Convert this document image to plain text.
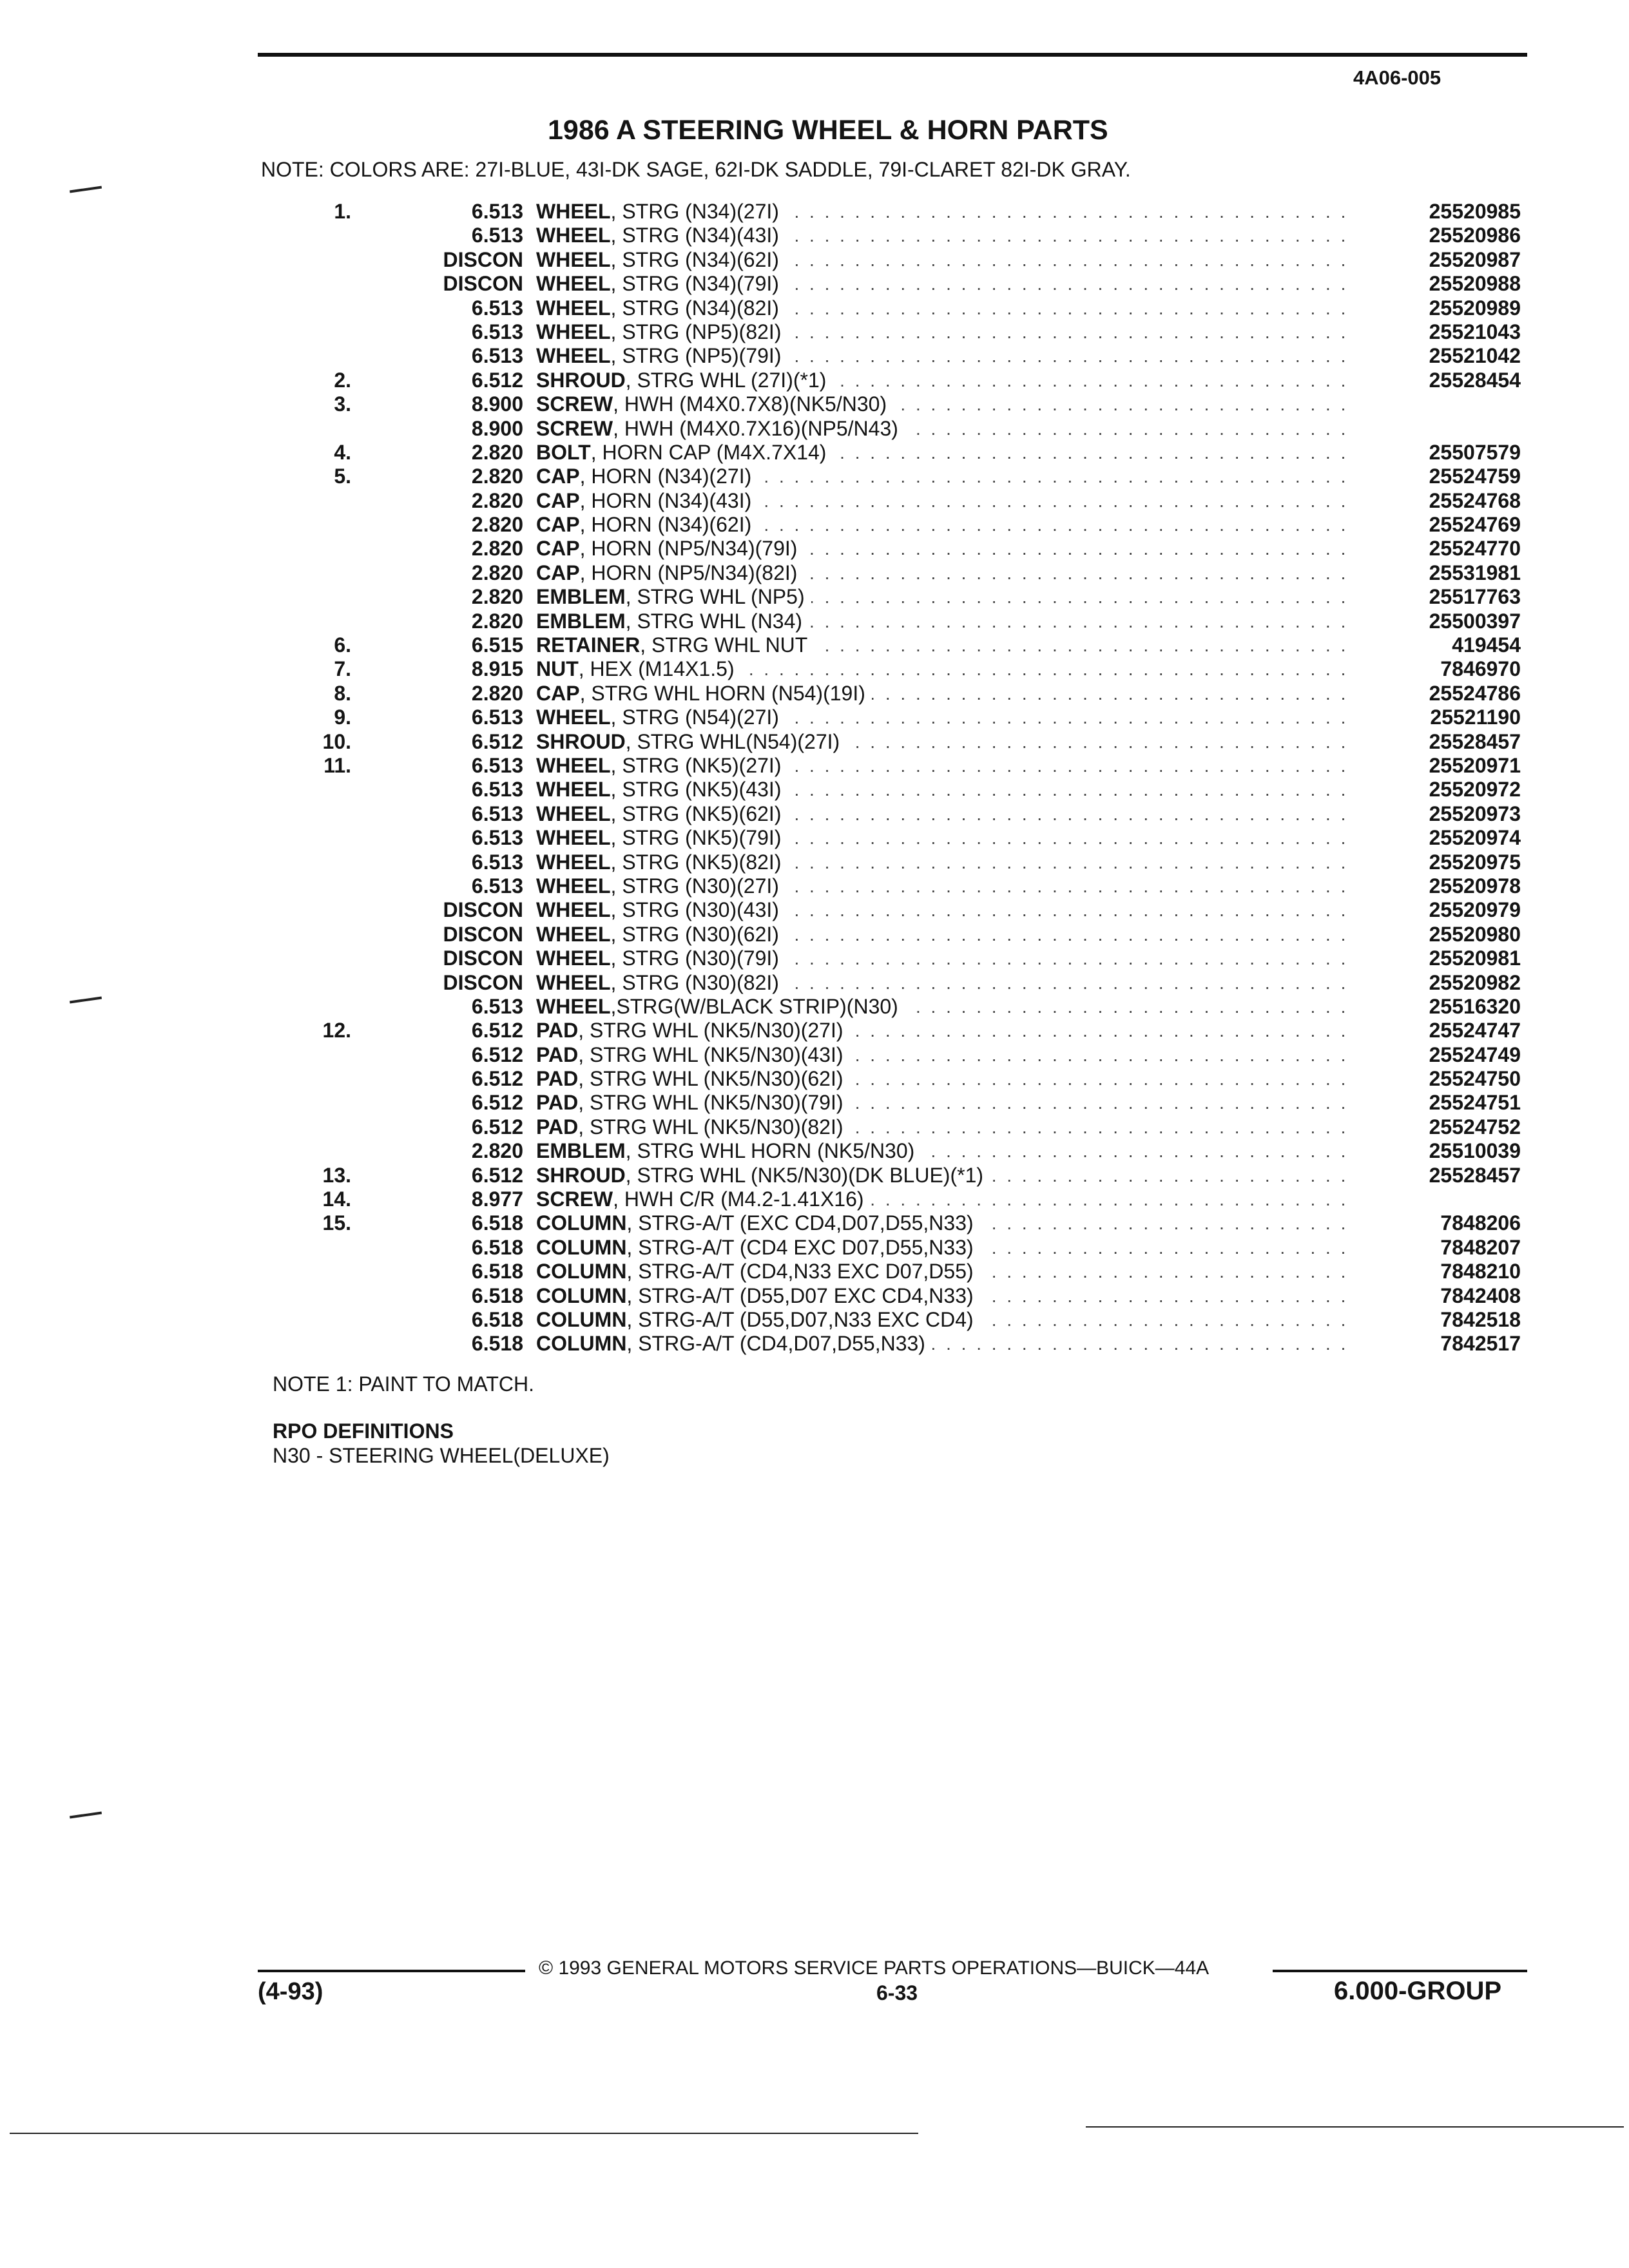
4A06-005
1986 A STEERING WHEEL & HORN PARTS
NOTE: COLORS ARE: 27I-BLUE, 43I-DK SAGE, 62I-DK SADDLE, 79I-CLARET 82I-DK GRAY.
1.	6.513 . . . WHEEL, STRG (N34)(27I)	25520985
6.513 . . . WHEEL, STRG (N34)(43I)	25520986
DISCON . . . WHEEL, STRG (N34)(62I)	25520987
DISCON . . . WHEEL, STRG (N34)(79I)	25520988
6.513 . . . WHEEL, STRG (N34)(82I)	25520989
6.513 . . . WHEEL, STRG (NP5)(82I)	25521043
6.513 . . . WHEEL, STRG (NP5)(79I)	25521042
2.	6.512 . . . SHROUD, STRG WHL (27I)(*1)	25528454
3.	8.900 . . . SCREW, HWH (M4X0.7X8)(NK5/N30)
8.900 . . . SCREW, HWH (M4X0.7X16)(NP5/N43)
4.	2.820 . . . BOLT, HORN CAP (M4X.7X14)	25507579
5.	2.820 . . . CAP, HORN (N34)(27I)	25524759
2.820 . . . CAP, HORN (N34)(43I)	25524768
2.820 . . . CAP, HORN (N34)(62I)	25524769
2.820 . . . CAP, HORN (NP5/N34)(79I)	25524770
2.820 . . . CAP, HORN (NP5/N34)(82I)	25531981
2.820 . . . EMBLEM, STRG WHL (NP5)	25517763
2.820 . . . EMBLEM, STRG WHL (N34)	25500397
6.	6.515 . . . RETAINER, STRG WHL NUT	419454
7.	8.915 . . . NUT, HEX (M14X1.5)	7846970
8.	2.820 . . . CAP, STRG WHL HORN (N54)(19I)	25524786
9.	6.513 . . . WHEEL, STRG (N54)(27I)	25521190
10.	6.512 . . . SHROUD, STRG WHL(N54)(27I)	25528457
11.	6.513 . . . WHEEL, STRG (NK5)(27I)	25520971
6.513 . . . WHEEL, STRG (NK5)(43I)	25520972
6.513 . . . WHEEL, STRG (NK5)(62I)	25520973
6.513 . . . WHEEL, STRG (NK5)(79I)	25520974
6.513 . . . WHEEL, STRG (NK5)(82I)	25520975
6.513 . . . WHEEL, STRG (N30)(27I)	25520978
DISCON . . . WHEEL, STRG (N30)(43I)	25520979
DISCON . . . WHEEL, STRG (N30)(62I)	25520980
DISCON . . . WHEEL, STRG (N30)(79I)	25520981
DISCON . . . WHEEL, STRG (N30)(82I)	25520982
6.513 . . . WHEEL,STRG(W/BLACK STRIP)(N30)	25516320
12.	6.512 . . . PAD, STRG WHL (NK5/N30)(27I)	25524747
6.512 . . . PAD, STRG WHL (NK5/N30)(43I)	25524749
6.512 . . . PAD, STRG WHL (NK5/N30)(62I)	25524750
6.512 . . . PAD, STRG WHL (NK5/N30)(79I)	25524751
6.512 . . . PAD, STRG WHL (NK5/N30)(82I)	25524752
2.820 . . . EMBLEM, STRG WHL HORN (NK5/N30)	25510039
13.	6.512 . . . SHROUD, STRG WHL (NK5/N30)(DK BLUE)(*1)	25528457
14.	8.977 . . . SCREW, HWH C/R (M4.2-1.41X16)
15.	6.518 . . . COLUMN, STRG-A/T (EXC CD4,D07,D55,N33)	7848206
6.518 . . . COLUMN, STRG-A/T (CD4 EXC D07,D55,N33)	7848207
6.518 . . . COLUMN, STRG-A/T (CD4,N33 EXC D07,D55)	7848210
6.518 . . . COLUMN, STRG-A/T (D55,D07 EXC CD4,N33)	7842408
6.518 . . . COLUMN, STRG-A/T (D55,D07,N33 EXC CD4)	7842518
6.518 . . . COLUMN, STRG-A/T (CD4,D07,D55,N33)	7842517
NOTE 1: PAINT TO MATCH.
RPO DEFINITIONS
N30 - STEERING WHEEL(DELUXE)
© 1993 GENERAL MOTORS SERVICE PARTS OPERATIONS—BUICK—44A
(4-93)	6-33	6.000-GROUP
